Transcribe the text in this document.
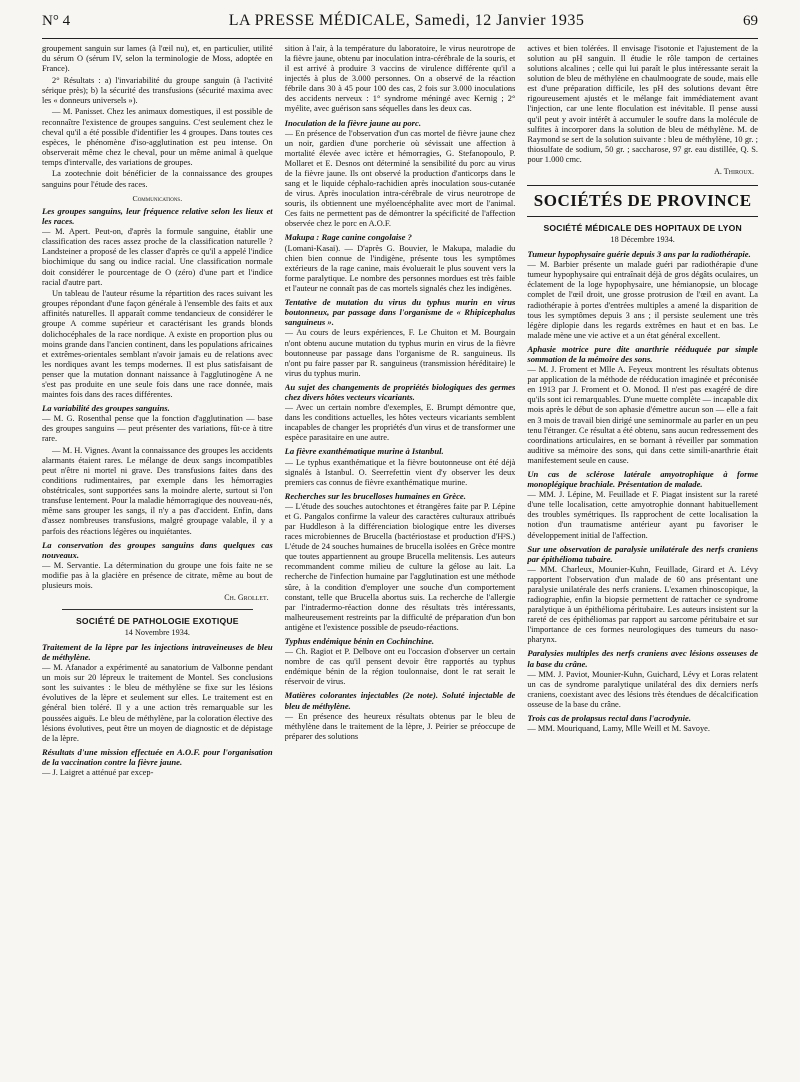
N° 4	LA PRESSE MÉDICALE, Samedi, 12 Janvier 1935	69

groupement sanguin sur lames (à l'œil nu), et, en particulier, utilité du sérum O (sérum IV, selon la terminologie de Moss, adoptée en France).

2° Résultats : a) l'invariabilité du groupe sanguin (à l'activité sérique près); b) la sécurité des transfusions (sécurité maxima avec les « donneurs universels »).

— M. Panisset. Chez les animaux domestiques, il est possible de reconnaître l'existence de groupes sanguins. C'est seulement chez le cheval qu'il a été possible d'identifier les 4 groupes. Dans toutes ces espèces, le phénomène d'iso-agglutination est peu intense. On observerait même chez le cheval, pour un même animal à quelque temps d'intervalle, des variations de groupes.

La zootechnie doit bénéficier de la connaissance des groupes sanguins pour l'étude des races.

Communications.
Les groupes sanguins, leur fréquence relative selon les lieux et les races.

— M. Apert. Peut-on, d'après la formule sanguine, établir une classification des races assez proche de la classification naturelle ? Landsteiner a proposé de les classer d'après ce qu'il a appelé l'indice biochimique du sang ou indice racial. Une classification normale doit considérer le pourcentage de O (zéro) d'une part et l'indice racial d'autre part.

Un tableau de l'auteur résume la répartition des races suivant les groupes répondant d'une façon générale à l'ensemble des faits et aux affinités naturelles. Il apparaît comme tendancieux de considérer le groupe A comme supérieur et caractérisant les grands blonds dolichocéphales de la race nordique. A existe en proportion plus ou moins grande dans l'ancien continent, dans les populations africaines et extrêmes-orientales semblant n'avoir jamais eu de relations avec les nordiques avant les temps modernes. Il est plus satisfaisant de penser que la mutation donnant naissance à l'agglutinogène A ne s'est pas produite en une seule fois dans une race donnée, mais maintes fois dans des races différentes.

La variabilité des groupes sanguins.

— M. G. Rosenthal pense que la fonction d'agglutination — base des groupes sanguins — peut présenter des variations, fût-ce à titre rare.

— M. H. Vignes. Avant la connaissance des groupes les accidents alarmants étaient rares. Le mélange de deux sangs incompatibles peut n'être ni mortel ni grave. Des transfusions faites dans des conditions rudimentaires, par exemple dans les hémorragies obstétricales, sont supportées sans la moindre alerte, surtout si l'on transfuse lentement. Pour la maladie hémorragique des nouveau-nés, même sans grouper les sangs, il n'y a pas d'accident. Enfin, dans d'assez nombreuses transfusions, malgré groupage valable, il y a parfois des réactions légères ou inquiétantes.

La conservation des groupes sanguins dans quelques cas nouveaux.

— M. Servantie. La détermination du groupe une fois faite ne se modifie pas à la glacière en présence de citrate, même au bout de plusieurs mois.

Ch. Grollet.
SOCIÉTÉ DE PATHOLOGIE EXOTIQUE
14 Novembre 1934.
Traitement de la lèpre par les injections intraveineuses de bleu de méthylène.

— M. Afanador a expérimenté au sanatorium de Valbonne pendant un mois sur 20 lépreux le traitement de Montel. Ses conclusions sont les suivantes : le bleu de méthylène se fixe sur les lésions évolutives de la lèpre et seulement sur elles. Le traitement est en général bien toléré. Il y a une action très remarquable sur les poussées aiguës. Le bleu de méthylène, par la coloration élective des lésions évolutives, peut être un moyen de diagnostic et de dépistage de la lèpre.

Résultats d'une mission effectuée en A.O.F. pour l'organisation de la vaccination contre la fièvre jaune.

— J. Laigret a atténué par excep-

sition à l'air, à la température du laboratoire, le virus neurotrope de la fièvre jaune, obtenu par inoculation intra-cérébrale de la souris, et il est arrivé à produire 3 vaccins de virulence différente qu'il a injectés à plus de 3.000 personnes. On a observé de la réaction fébrile dans 30 à 45 pour 100 des cas, 2 fois sur 3.000 inoculations des accidents nerveux : 1° syndrome méningé avec Kernig ; 2° myélite, avec guérison sans séquelles dans les deux cas.

Inoculation de la fièvre jaune au porc.

— En présence de l'observation d'un cas mortel de fièvre jaune chez un noir, gardien d'une porcherie où sévissait une affection à mortalité élevée avec ictère et hémorragies, G. Stefanopoulo, P. Mollaret et E. Desnos ont déterminé la sensibilité du porc au virus de la fièvre jaune. Ils ont observé la production d'anticorps dans le sang et le liquide céphalo-rachidien après inoculation sous-cutanée de virus. Après inoculation intra-cérébrale de virus neurotrope de souris, ils obtiennent une myéloencéphalite avec mort de l'animal. Ces faits ne permettent pas de démontrer la spécificité de l'affection observée chez le porc en A.O.F.

Makupa : Rage canine congolaise ?

(Lomani-Kasai). — D'après G. Bouvier, le Makupa, maladie du chien bien connue de l'indigène, présente tous les symptômes extérieurs de la rage canine, mais évoluerait le plus souvent vers la forme paralytique. Le nombre des personnes mordues est très faible et l'auteur ne connaît pas de cas mortels signalés chez les indigènes.

Tentative de mutation du virus du typhus murin en virus boutonneux, par passage dans l'organisme de « Rhipicephalus sanguineus ».

— Au cours de leurs expériences, F. Le Chuiton et M. Bourgain n'ont obtenu aucune mutation du typhus murin en virus de la fièvre boutonneuse par passage dans l'organisme de R. sanguineus. Ils n'ont pu faire passer par R. sanguineus (transmission héréditaire) le virus du typhus murin.

Au sujet des changements de propriétés biologiques des germes chez divers hôtes vecteurs vicariants.

— Avec un certain nombre d'exemples, E. Brumpt démontre que, dans les conditions actuelles, les hôtes vecteurs vicariants semblent incapables de changer les propriétés d'un virus et de transformer une espèce parasitaire en une autre.

La fièvre exanthématique murine à Istanbul.

— Le typhus exanthématique et la fièvre boutonneuse ont été déjà signalés à Istanbul. O. Seerrefettin vient d'y observer les deux premiers cas connus de fièvre exanthématique murine.

Recherches sur les brucelloses humaines en Grèce.

— L'étude des souches autochtones et étrangères faite par P. Lépine et G. Pangalos confirme la valeur des caractères culturaux attribués par Huddleson à la différenciation biologique entre les diverses races microbiennes de Brucella (bactériostase et production d'H²S.) L'étude de 24 souches humaines de brucella isolées en Grèce montre que toutes appartiennent au groupe Brucella melitensis. Les auteurs recommandent comme milieu de culture la gélose au lait. La recherche de l'infection humaine par l'agglutination est une méthode sûre, à la condition d'employer une souche d'un comportement constant, telle que Brucella abortus suis. La recherche de l'allergie par l'intradermo-réaction donne des résultats très intéressants, malheureusement restreints par la difficulté de préparation d'un bon antigène et l'existence possible de pseudo-réactions.

Typhus endémique bénin en Cochinchine.

— Ch. Ragiot et P. Delbove ont eu l'occasion d'observer un certain nombre de cas qu'il pensent devoir être rapportés au typhus endémique bénin de la région toulonnaise, dont le rat serait le réservoir de virus.

Matières colorantes injectables (2e note). Soluté injectable de bleu de méthylène.

— En présence des heureux résultats obtenus par le bleu de méthylène dans le traitement de la lèpre, J. Peirier se préoccupe de préparer des solutions

actives et bien tolérées. Il envisage l'isotonie et l'ajustement de la solution au pH sanguin. Il étudie le rôle tampon de certaines solutions alcalines ; celle qui lui paraît le plus intéressante serait la solution de bleu de méthylène en chaulmoograte de soude, mais elle est d'une préparation difficile, les pH des solutions devant être rigoureusement ajustés et le mélange fait immédiatement avant l'injection, car une lente floculation est inévitable. Il pense aussi qu'il peut y avoir intérêt à accumuler le soufre dans la molécule de sulfites à incorporer dans la solution de bleu de méthylène. M. de Raymond se sert de la solution suivante : bleu de méthylène, 10 gr. ; thiosulfate de sodium, 50 gr. ; saccharose, 97 gr. eau distillée, Q. S. pour 1.000 cmc.

A. Thiroux.
SOCIÉTÉS DE PROVINCE
SOCIÉTÉ MÉDICALE DES HOPITAUX DE LYON
18 Décembre 1934.
Tumeur hypophysaire guérie depuis 3 ans par la radiothérapie.

— M. Barbier présente un malade guéri par radiothérapie d'une tumeur hypophysaire qui entraînait déjà de gros dégâts oculaires, un éclatement de la loge hypophysaire, une hémianopsie, un blocage complet de l'œil droit, une grosse protrusion de l'œil en avant. La radiothérapie à portes d'entrées multiples a amené la disparition de tous les symptômes depuis 3 ans ; il persiste seulement une très légère diplopie dans les regards extrêmes en haut et en bas. Le malade mène une vie active et a un état général excellent.

Aphasie motrice pure dite anarthrie rééduquée par simple sommation de la mémoire des sons.

— M. J. Froment et Mlle A. Feyeux montrent les résultats obtenus par application de la méthode de rééducation imaginée et préconisée en 1913 par J. Froment et O. Monod. Il n'est pas exagéré de dire qu'ils sont ici remarquables. D'une muette complète — incapable dix mois après le début de son aphasie d'émettre aucun son — elle a fait en 3 mois de travail bien dirigé une seminormale au parler en un peu tenu l'étranger. Ce résultat a été obtenu, sans aucun redressement des coordinations articulaires, en se bornant à réveiller par sommation auditive sa mémoire des sons, qui dans cette simili-anarthrie était manifestement seule en cause.

Un cas de sclérose latérale amyotrophique à forme monoplégique brachiale. Présentation de malade.

— MM. J. Lépine, M. Feuillade et F. Piagat insistent sur la rareté d'une telle localisation, cette amyotrophie donnant habituellement des troubles symétriques. Ils rapprochent de cette localisation la notion d'un traumatisme antérieur ayant pu favoriser le développement initial de l'affection.

Sur une observation de paralysie unilatérale des nerfs craniens par épithélioma tubaire.

— MM. Charleux, Mounier-Kuhn, Feuillade, Girard et A. Lévy rapportent l'observation d'un malade de 60 ans présentant une paralysie unilatérale des nerfs craniens. L'examen rhinoscopique, la radiographie, enfin la biopsie permettent de rattacher ce syndrome paralytique à un épithélioma péritubaire. Les auteurs insistent sur la rareté de ces épithéliomas par rapport au sarcome péritubaire et sur l'importance de ces formes neurologiques des tumeurs du naso-pharynx.

Paralysies multiples des nerfs craniens avec lésions osseuses de la base du crâne.

— MM. J. Paviot, Mounier-Kuhn, Guichard, Lévy et Loras relatent un cas de syndrome paralytique unilatéral des dix derniers nerfs craniens, coexistant avec des lésions très étendues de décalcification osseuse de la base du crâne.

Trois cas de prolapsus rectal dans l'acrodynie.

— MM. Mouriquand, Lamy, Mlle Weill et M. Savoye.
